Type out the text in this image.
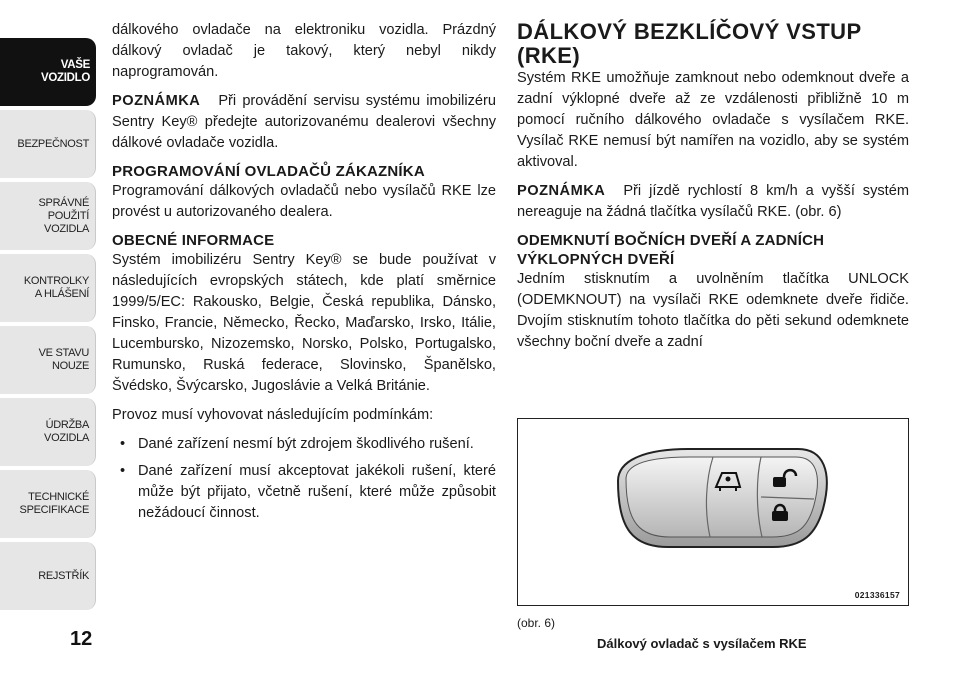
VAŠE
VOZIDLO
BEZPEČNOST
SPRÁVNÉ
POUŽITÍ
VOZIDLA
KONTROLKY
A HLÁŠENÍ
VE STAVU
NOUZE
ÚDRŽBA
VOZIDLA
TECHNICKÉ
SPECIFIKACE
REJSTŘÍK
12

dálkového ovladače na elektroniku vozidla. Prázdný dálkový ovladač je takový, který nebyl nikdy naprogramován.

POZNÁMKA Při provádění servisu systému imobilizéru Sentry Key® předejte autorizovanému dealerovi všechny dálkové ovladače vozidla.

PROGRAMOVÁNÍ OVLADAČŮ ZÁKAZNÍKA

Programování dálkových ovladačů nebo vysílačů RKE lze provést u autorizovaného dealera.

OBECNÉ INFORMACE

Systém imobilizéru Sentry Key® se bude používat v následujících evropských státech, kde platí směrnice 1999/5/EC: Rakousko, Belgie, Česká republika, Dánsko, Finsko, Francie, Německo, Řecko, Maďarsko, Irsko, Itálie, Lucembursko, Nizozemsko, Norsko, Polsko, Portugalsko, Rumunsko, Ruská federace, Slovinsko, Španělsko, Švédsko, Švýcarsko, Jugoslávie a Velká Británie.

Provoz musí vyhovovat následujícím podmínkám:

• Dané zařízení nesmí být zdrojem škodlivého rušení.
• Dané zařízení musí akceptovat jakékoli rušení, které může být přijato, včetně rušení, které může způsobit nežádoucí činnost.
DÁLKOVÝ BEZKLÍČOVÝ VSTUP (RKE)

Systém RKE umožňuje zamknout nebo odemknout dveře a zadní výklopné dveře až ze vzdálenosti přibližně 10 m pomocí ručního dálkového ovladače s vysílačem RKE. Vysílač RKE nemusí být namířen na vozidlo, aby se systém aktivoval.

POZNÁMKA Při jízdě rychlostí 8 km/h a vyšší systém nereaguje na žádná tlačítka vysílačů RKE. (obr. 6)

ODEMKNUTÍ BOČNÍCH DVEŘÍ A ZADNÍCH VÝKLOPNÝCH DVEŘÍ

Jedním stisknutím a uvolněním tlačítka UNLOCK (ODEMKNOUT) na vysílači RKE odemknete dveře řidiče. Dvojím stisknutím tohoto tlačítka do pěti sekund odemknete všechny boční dveře a zadní

021336157
(obr. 6)
Dálkový ovladač s vysílačem RKE
